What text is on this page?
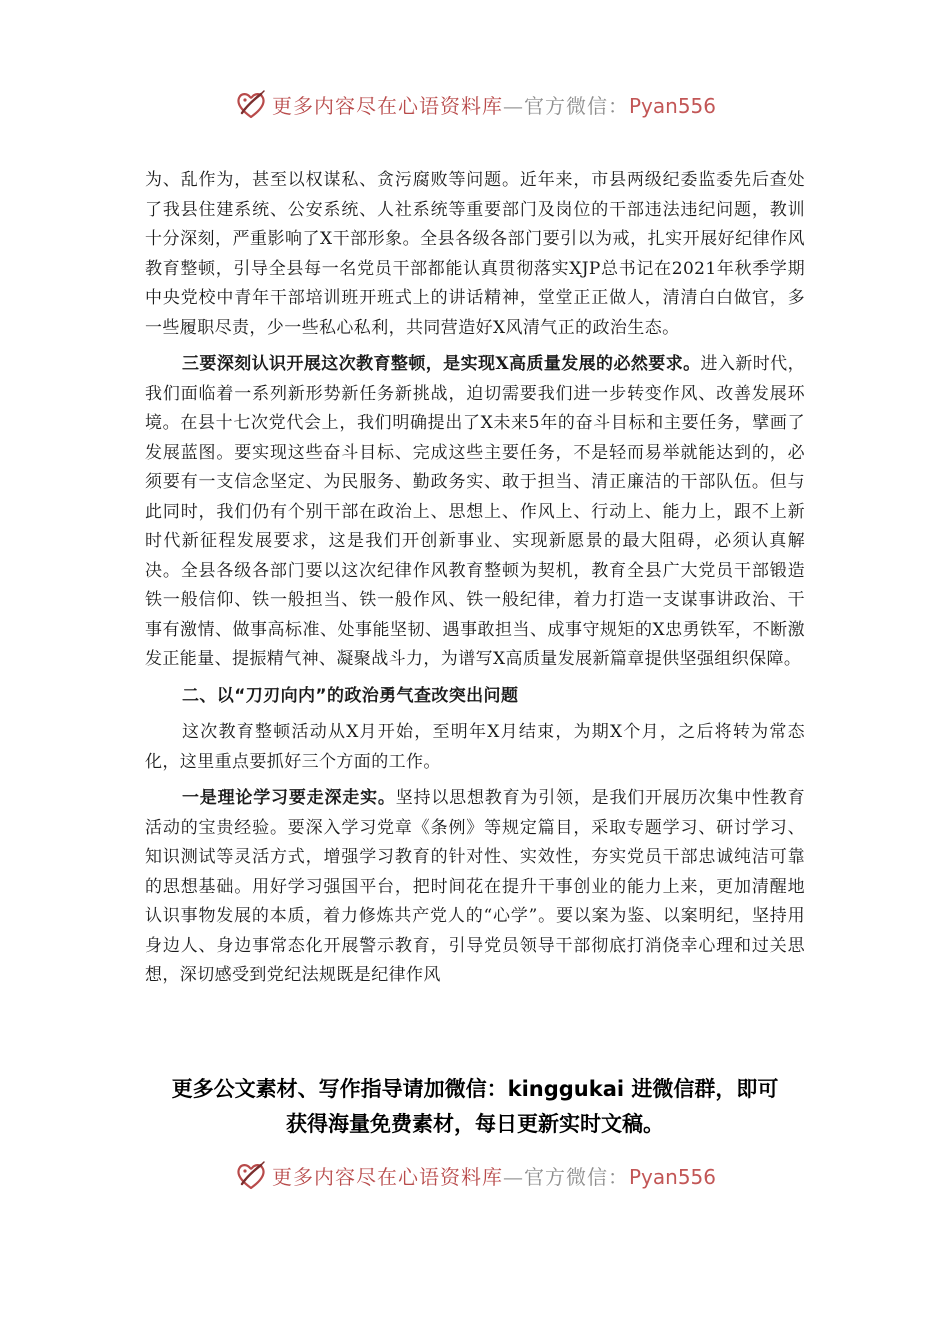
更多内容尽在心语资料库—官方微信：Pyan556

为、乱作为，甚至以权谋私、贪污腐败等问题。近年来，市县两级纪委监委先后查处了我县住建系统、公安系统、人社系统等重要部门及岗位的干部违法违纪问题，教训十分深刻，严重影响了X干部形象。全县各级各部门要引以为戒，扎实开展好纪律作风教育整顿，引导全县每一名党员干部都能认真贯彻落实XJP总书记在2021年秋季学期中央党校中青年干部培训班开班式上的讲话精神，堂堂正正做人，清清白白做官，多一些履职尽责，少一些私心私利，共同营造好X风清气正的政治生态。

三要深刻认识开展这次教育整顿，是实现X高质量发展的必然要求。进入新时代，我们面临着一系列新形势新任务新挑战，迫切需要我们进一步转变作风、改善发展环境。在县十七次党代会上，我们明确提出了X未来5年的奋斗目标和主要任务，擘画了发展蓝图。要实现这些奋斗目标、完成这些主要任务，不是轻而易举就能达到的，必须要有一支信念坚定、为民服务、勤政务实、敢于担当、清正廉洁的干部队伍。但与此同时，我们仍有个别干部在政治上、思想上、作风上、行动上、能力上，跟不上新时代新征程发展要求，这是我们开创新事业、实现新愿景的最大阻碍，必须认真解决。全县各级各部门要以这次纪律作风教育整顿为契机，教育全县广大党员干部锻造铁一般信仰、铁一般担当、铁一般作风、铁一般纪律，着力打造一支谋事讲政治、干事有激情、做事高标准、处事能坚韧、遇事敢担当、成事守规矩的X忠勇铁军，不断激发正能量、提振精气神、凝聚战斗力，为谱写X高质量发展新篇章提供坚强组织保障。

二、以“刀刃向内”的政治勇气查改突出问题

这次教育整顿活动从X月开始，至明年X月结束，为期X个月，之后将转为常态化，这里重点要抓好三个方面的工作。

一是理论学习要走深走实。坚持以思想教育为引领，是我们开展历次集中性教育活动的宝贵经验。要深入学习党章《条例》等规定篇目，采取专题学习、研讨学习、知识测试等灵活方式，增强学习教育的针对性、实效性，夯实党员干部忠诚纯洁可靠的思想基础。用好学习强国平台，把时间花在提升干事创业的能力上来，更加清醒地认识事物发展的本质，着力修炼共产党人的“心学”。要以案为鉴、以案明纪，坚持用身边人、身边事常态化开展警示教育，引导党员领导干部彻底打消侥幸心理和过关思想，深切感受到党纪法规既是纪律作风

更多公文素材、写作指导请加微信：kinggukai 进微信群，即可
获得海量免费素材，每日更新实时文稿。
更多内容尽在心语资料库—官方微信：Pyan556
